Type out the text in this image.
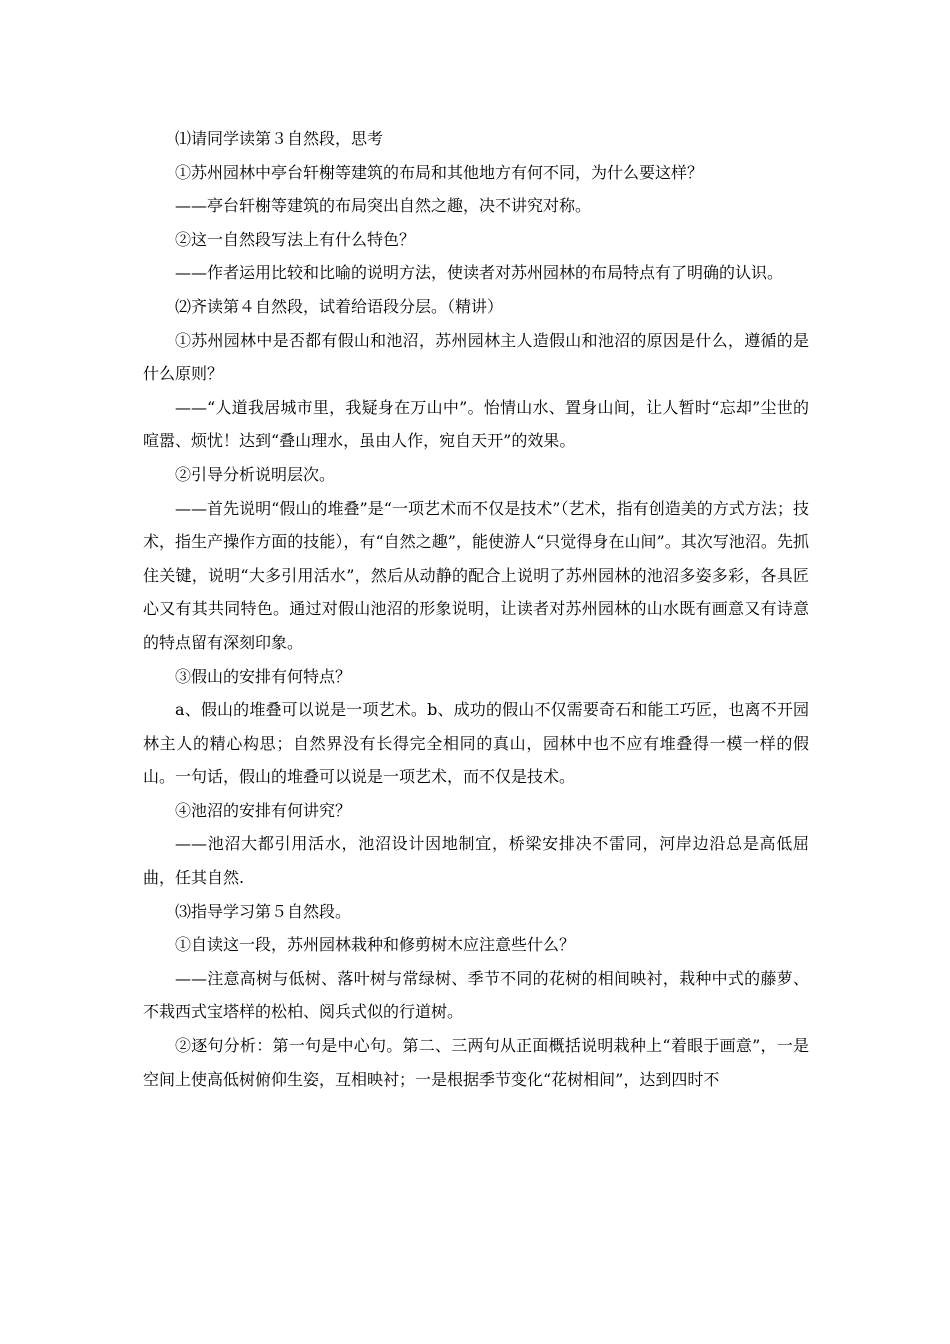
⑴请同学读第３自然段，思考

①苏州园林中亭台轩榭等建筑的布局和其他地方有何不同，为什么要这样？

——亭台轩榭等建筑的布局突出自然之趣，决不讲究对称。

②这一自然段写法上有什么特色？

——作者运用比较和比喻的说明方法，使读者对苏州园林的布局特点有了明确的认识。

⑵齐读第４自然段，试着给语段分层。（精讲）

①苏州园林中是否都有假山和池沼，苏州园林主人造假山和池沼的原因是什么，遵循的是什么原则？

——“人道我居城市里，我疑身在万山中”。怡情山水、置身山间，让人暂时“忘却”尘世的喧嚣、烦忧！达到“叠山理水，虽由人作，宛自天开”的效果。

②引导分析说明层次。

——首先说明“假山的堆叠”是“一项艺术而不仅是技术”（艺术，指有创造美的方式方法；技术，指生产操作方面的技能），有“自然之趣”，能使游人“只觉得身在山间”。其次写池沼。先抓住关键，说明“大多引用活水”，然后从动静的配合上说明了苏州园林的池沼多姿多彩，各具匠心又有其共同特色。通过对假山池沼的形象说明，让读者对苏州园林的山水既有画意又有诗意的特点留有深刻印象。

③假山的安排有何特点？

a、假山的堆叠可以说是一项艺术。b、成功的假山不仅需要奇石和能工巧匠，也离不开园林主人的精心构思；自然界没有长得完全相同的真山，园林中也不应有堆叠得一模一样的假山。一句话，假山的堆叠可以说是一项艺术，而不仅是技术。

④池沼的安排有何讲究？

——池沼大都引用活水，池沼设计因地制宜，桥梁安排决不雷同，河岸边沿总是高低屈曲，任其自然.

⑶指导学习第５自然段。

①自读这一段，苏州园林栽种和修剪树木应注意些什么？

——注意高树与低树、落叶树与常绿树、季节不同的花树的相间映衬，栽种中式的藤萝、不栽西式宝塔样的松柏、阅兵式似的行道树。

②逐句分析：第一句是中心句。第二、三两句从正面概括说明栽种上“着眼于画意”，一是空间上使高低树俯仰生姿，互相映衬；一是根据季节变化“花树相间”，达到四时不
